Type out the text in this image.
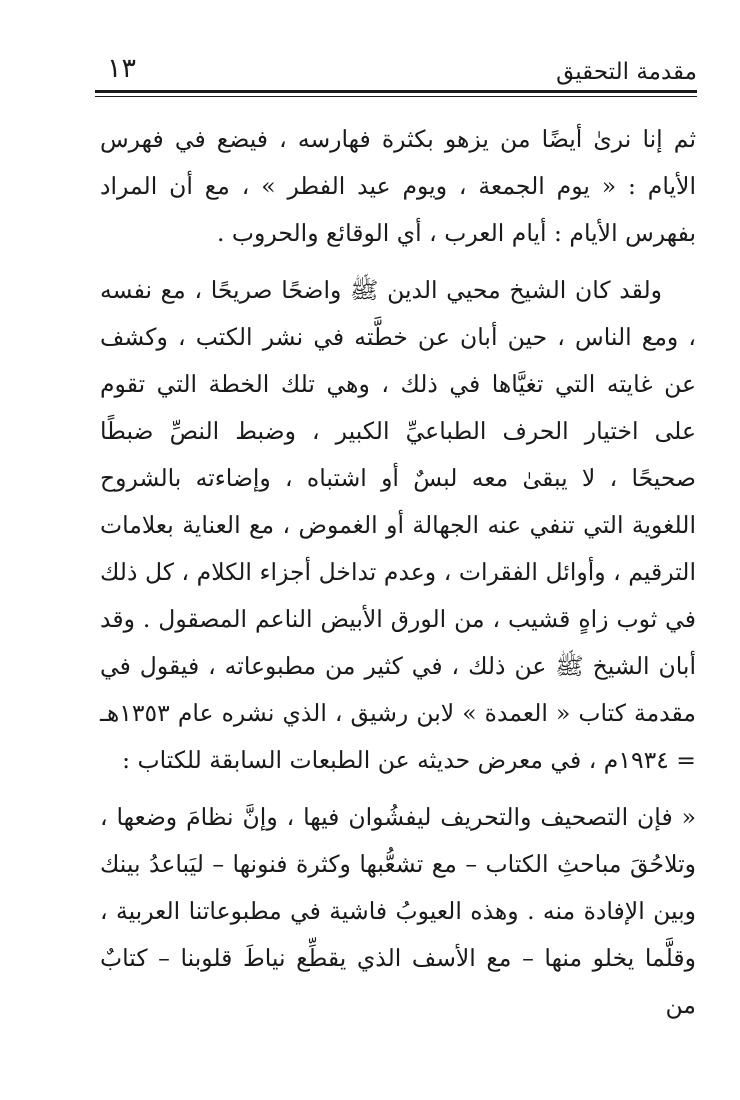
مقدمة التحقيق
١٣

ثم إنا نرىٰ أيضًا من يزهو بكثرة فهارسه ، فيضع في فهرس الأيام : « يوم الجمعة ، ويوم عيد الفطر » ، مع أن المراد بفهرس الأيام : أيام العرب ، أي الوقائع والحروب .

ولقد كان الشيخ محيي الدين ﷺ واضحًا صريحًا ، مع نفسه ، ومع الناس ، حين أبان عن خطَّته في نشر الكتب ، وكشف عن غايته التي تغيَّاها في ذلك ، وهي تلك الخطة التي تقوم على اختيار الحرف الطباعيِّ الكبير ، وضبط النصِّ ضبطًا صحيحًا ، لا يبقىٰ معه لبسٌ أو اشتباه ، وإضاءته بالشروح اللغوية التي تنفي عنه الجهالة أو الغموض ، مع العناية بعلامات الترقيم ، وأوائل الفقرات ، وعدم تداخل أجزاء الكلام ، كل ذلك في ثوب زاهٍ قشيب ، من الورق الأبيض الناعم المصقول . وقد أبان الشيخ ﷺ عن ذلك ، في كثير من مطبوعاته ، فيقول في مقدمة كتاب « العمدة » لابن رشيق ، الذي نشره عام ١٣٥٣هـ = ١٩٣٤م ، في معرض حديثه عن الطبعات السابقة للكتاب :

« فإن التصحيف والتحريف ليفشُوان فيها ، وإنَّ نظامَ وضعها ، وتلاحُقَ مباحثِ الكتاب – مع تشعُّبها وكثرة فنونها – ليَباعدُ بينك وبين الإفادة منه . وهذه العيوبُ فاشية في مطبوعاتنا العربية ، وقلَّما يخلو منها – مع الأسف الذي يقطِّع نياطَ قلوبنا – كتابٌ من
